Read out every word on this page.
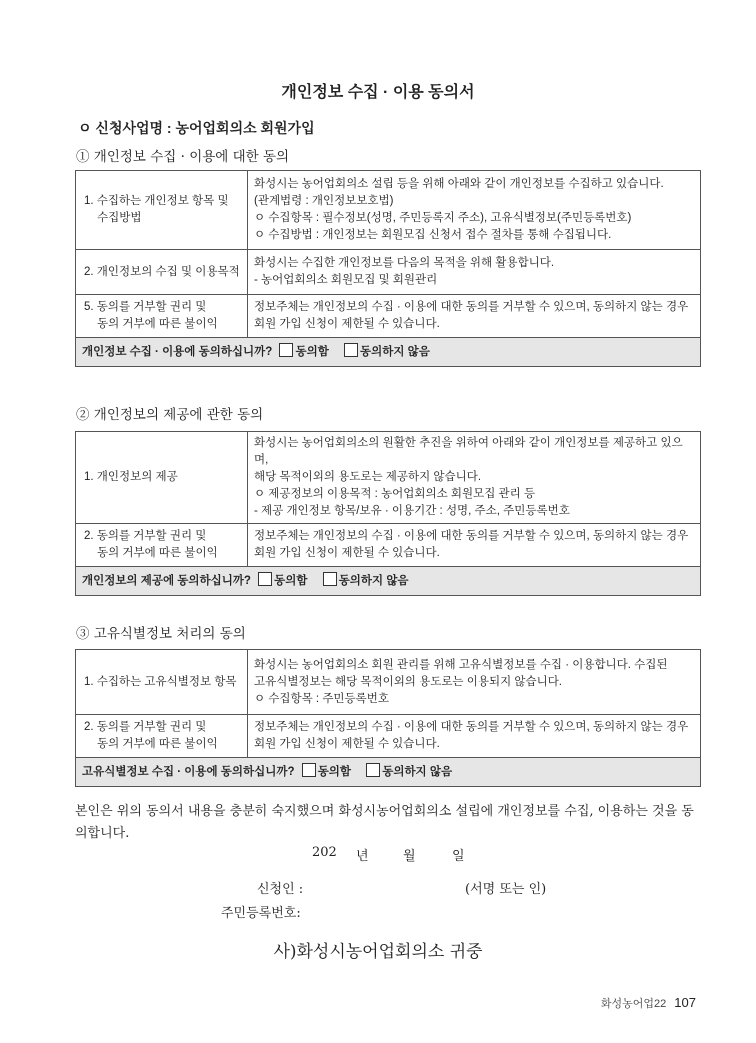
개인정보 수집 · 이용 동의서
ㅇ 신청사업명 : 농어업회의소 회원가입
① 개인정보 수집 · 이용에 대한 동의
1. 수집하는 개인정보 항목 및
수집방법	화성시는 농어업회의소 설립 등을 위해 아래와 같이 개인정보를 수집하고 있습니다.
(관계법령 : 개인정보보호법)
ㅇ 수집항목 : 필수정보(성명, 주민등록지 주소), 고유식별정보(주민등록번호)
ㅇ 수집방법 : 개인정보는 회원모집 신청서 접수 절차를 통해 수집됩니다.

2. 개인정보의 수집 및 이용목적	화성시는 수집한 개인정보를 다음의 목적을 위해 활용합니다.
- 농어업회의소 회원모집 및 회원관리

5. 동의를 거부할 권리 및
동의 거부에 따른 불이익	정보주체는 개인정보의 수집 · 이용에 대한 동의를 거부할 수 있으며, 동의하지 않는 경우
회원 가입 신청이 제한될 수 있습니다.

개인정보 수집 · 이용에 동의하십니까? 동의함 동의하지 않음	
② 개인정보의 제공에 관한 동의
1. 개인정보의 제공	화성시는 농어업회의소의 원활한 추진을 위하여 아래와 같이 개인정보를 제공하고 있으며,
해당 목적이외의 용도로는 제공하지 않습니다.
ㅇ 제공정보의 이용목적 : 농어업회의소 회원모집 관리 등
- 제공 개인정보 항목/보유 · 이용기간 : 성명, 주소, 주민등록번호

2. 동의를 거부할 권리 및
동의 거부에 따른 불이익	정보주체는 개인정보의 수집 · 이용에 대한 동의를 거부할 수 있으며, 동의하지 않는 경우
회원 가입 신청이 제한될 수 있습니다.

개인정보의 제공에 동의하십니까? 동의함 동의하지 않음	
③ 고유식별정보 처리의 동의
1. 수집하는 고유식별정보 항목	화성시는 농어업회의소 회원 관리를 위해 고유식별정보를 수집 · 이용합니다. 수집된
고유식별정보는 해당 목적이외의 용도로는 이용되지 않습니다.
ㅇ 수집항목 : 주민등록번호

2. 동의를 거부할 권리 및
동의 거부에 따른 불이익	정보주체는 개인정보의 수집 · 이용에 대한 동의를 거부할 수 있으며, 동의하지 않는 경우
회원 가입 신청이 제한될 수 있습니다.

고유식별정보 수집 · 이용에 동의하십니까? 동의함 동의하지 않음	
본인은 위의 동의서 내용을 충분히 숙지했으며 화성시농어업회의소 설립에 개인정보를 수집, 이용하는 것을 동의합니다.
202 년	월	일
신청인 :	(서명 또는 인)
주민등록번호:
사)화성시농어업회의소 귀중
화성농어업22 107
